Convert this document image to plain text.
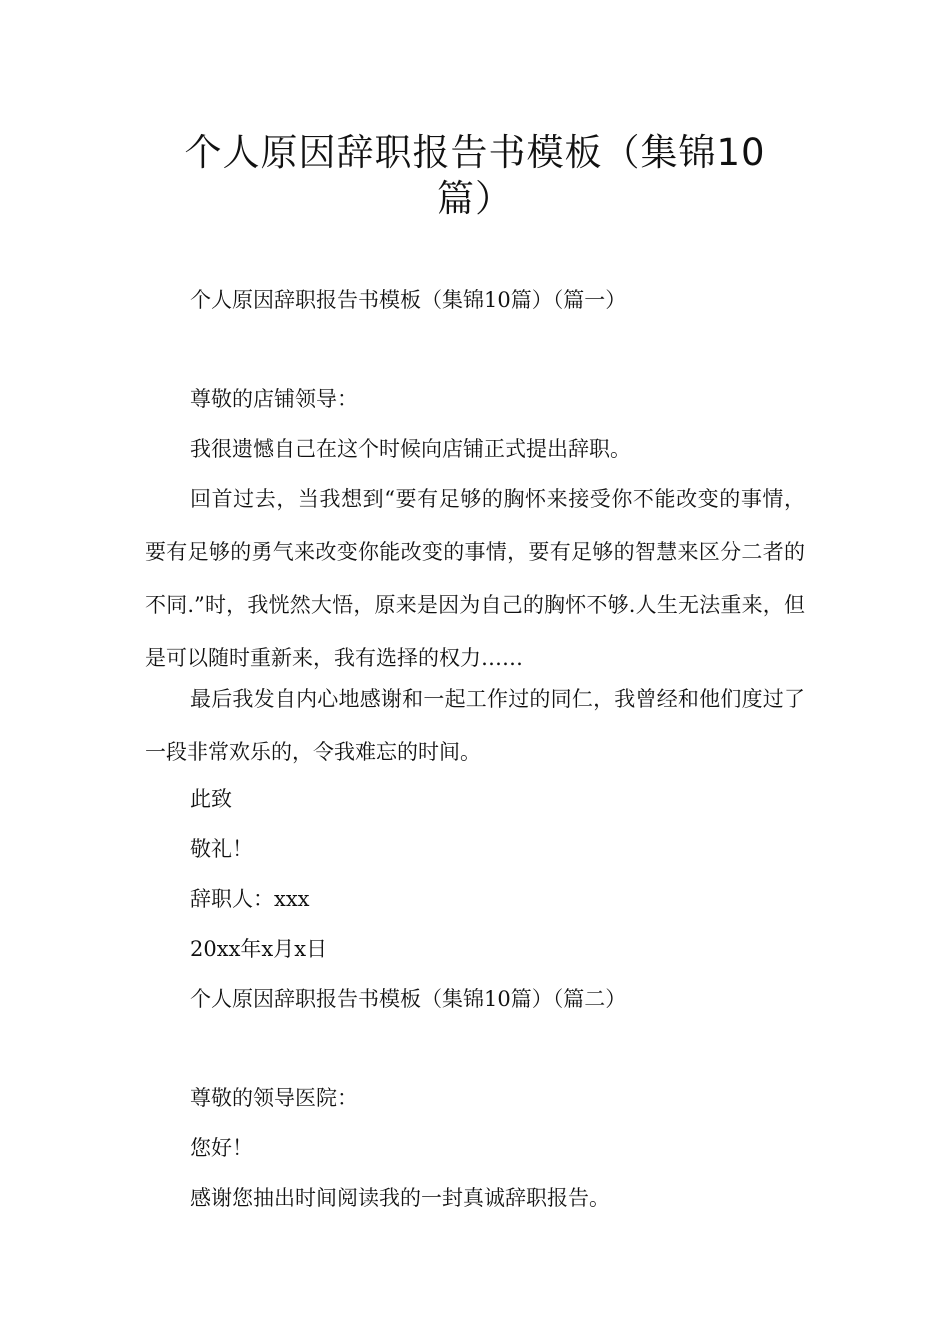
个人原因辞职报告书模板（集锦10
篇）

个人原因辞职报告书模板（集锦10篇）（篇一）

尊敬的店铺领导：

我很遗憾自己在这个时候向店铺正式提出辞职。

回首过去，当我想到“要有足够的胸怀来接受你不能改变的事情，要有足够的勇气来改变你能改变的事情，要有足够的智慧来区分二者的不同.”时，我恍然大悟，原来是因为自己的胸怀不够.人生无法重来，但是可以随时重新来，我有选择的权力……

最后我发自内心地感谢和一起工作过的同仁，我曾经和他们度过了一段非常欢乐的，令我难忘的时间。

此致

敬礼！

辞职人：xxx

20xx年x月x日

个人原因辞职报告书模板（集锦10篇）（篇二）

尊敬的领导医院：

您好！

感谢您抽出时间阅读我的一封真诚辞职报告。
